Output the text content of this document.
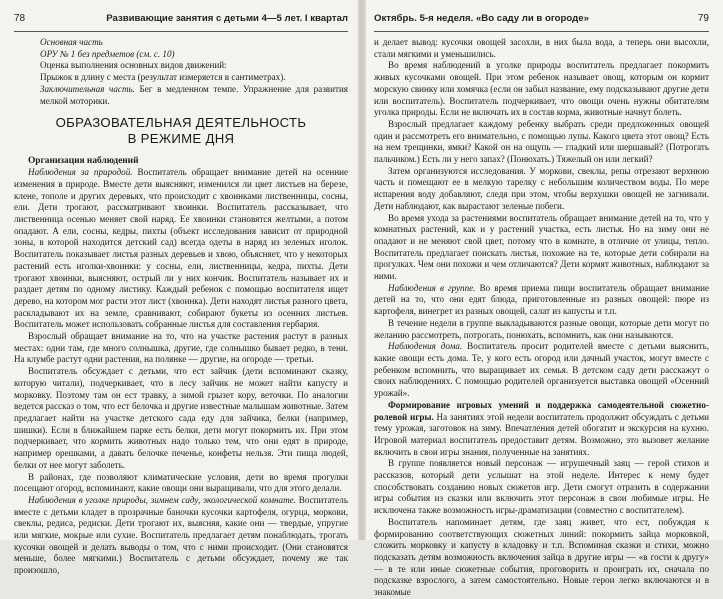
78	Развивающие занятия с детьми 4—5 лет. I квартал

Основная часть

ОРУ № 1 без предметов (см. с. 10)

Оценка выполнения основных видов движений:

Прыжок в длину с места (результат измеряется в сантиметрах).

Заключительная часть. Бег в медленном темпе. Упражнение для развития мелкой моторики.

ОБРАЗОВАТЕЛЬНАЯ ДЕЯТЕЛЬНОСТЬ
В РЕЖИМЕ ДНЯ
Организация наблюдений

Наблюдения за природой. Воспитатель обращает внимание детей на осенние изменения в природе. Вместе дети выясняют, изменился ли цвет листьев на березе, клене, тополе и других деревьях, что происходит с хвоинками лиственницы, сосны, ели. Дети трогают, рассматривают хвоинки. Воспитатель рассказывает, что лиственница осенью меняет свой наряд. Ее хвоинки становятся желтыми, а потом опадают. А ели, сосны, кедры, пихты (объект исследования зависит от природной зоны, в которой находится детский сад) всегда одеты в наряд из зеленых иголок. Воспитатель показывает листья разных деревьев и хвою, объясняет, что у некоторых растений есть иголки-хвоинки: у сосны, ели, лиственницы, кедра, пихты. Дети трогают хвоинки, выясняют, острый ли у них кончик. Воспитатель называет их и раздает детям по одному листику. Каждый ребенок с помощью воспитателя ищет дерево, на котором мог расти этот лист (хвоинка). Дети находят листья разного цвета, раскладывают их на земле, сравнивают, собирают букеты из осенних листьев. Воспитатель может использовать собранные листья для составления гербария.

Взрослый обращает внимание на то, что на участке растения растут в разных местах: одни там, где много солнышка, другие, где солнышко бывает редко, в тени. На клумбе растут одни растения, на полянке — другие, на огороде — третьи.

Воспитатель обсуждает с детьми, что ест зайчик (дети вспоминают сказку, которую читали), подчеркивает, что в лесу зайчик не может найти капусту и морковку. Поэтому там он ест травку, а зимой грызет кору, веточки. По аналогии ведется рассказ о том, что ест белочка и другие известные малышам животные. Затем предлагает найти на участке детского сада еду для зайчика, белки (например, шишки). Если в ближайшем парке есть белки, дети могут покормить их. При этом подчеркивает, что кормить животных надо только тем, что они едят в природе, например орешками, а давать белочке печенье, конфеты нельзя. Эти пища людей, белки от нее могут заболеть.

В районах, где позволяют климатические условия, дети во время прогулки посещают огород, вспоминают, какие овощи они выращивали, что для этого делали.

Наблюдения в уголке природы, зимнем саду, экологической комнате. Воспитатель вместе с детьми кладет в прозрачные баночки кусочки картофеля, огурца, моркови, свеклы, редиса, редиски. Дети трогают их, выясняя, какие они — твердые, упругие или мягкие, мокрые или сухие. Воспитатель предлагает детям понаблюдать, трогать кусочки овощей и делать выводы о том, что с ними происходит. (Они становятся меньше, более мягкими.) Воспитатель с детьми обсуждает, почему же так произошло,

Октябрь. 5-я неделя. «Во саду ли в огороде»	79

и делает вывод: кусочки овощей засохли, в них была вода, а теперь они высохли, стали мягкими и уменьшились.

Во время наблюдений в уголке природы воспитатель предлагает покормить живых кусочками овощей. При этом ребенок называет овощ, которым он кормит морскую свинку или хомячка (если он забыл название, ему подсказывают другие дети или воспитатель). Воспитатель подчеркивает, что овощи очень нужны обитателям уголка природы. Если не включать их в состав корма, животные начнут болеть.

Взрослый предлагает каждому ребенку выбрать среди предложенных овощей один и рассмотреть его внимательно, с помощью лупы. Какого цвета этот овощ? Есть на нем трещинки, ямки? Какой он на ощупь — гладкий или шершавый? (Потрогать пальчиком.) Есть ли у него запах? (Понюхать.) Тяжелый он или легкий?

Затем организуются исследования. У моркови, свеклы, репы отрезают верхнюю часть и помещают ее в мелкую тарелку с небольшим количеством воды. По мере испарения воду добавляют, следя при этом, чтобы верхушки овощей не загнивали. Дети наблюдают, как вырастают зеленые побеги.

Во время ухода за растениями воспитатель обращает внимание детей на то, что у комнатных растений, как и у растений участка, есть листья. Но на зиму они не опадают и не меняют свой цвет, потому что в комнате, в отличие от улицы, тепло. Воспитатель предлагает поискать листья, похожие на те, которые дети собирали на прогулках. Чем они похожи и чем отличаются? Дети кормят животных, наблюдают за ними.

Наблюдения в группе. Во время приема пищи воспитатель обращает внимание детей на то, что они едят блюда, приготовленные из разных овощей: пюре из картофеля, винегрет из разных овощей, салат из капусты и т.п.

В течение недели в группе выкладываются разные овощи, которые дети могут по желанию рассмотреть, потрогать, понюхать, вспомнить, как они называются.

Наблюдения дома. Воспитатель просит родителей вместе с детьми выяснить, какие овощи есть дома. Те, у кого есть огород или дачный участок, могут вместе с ребенком вспомнить, что выращивает их семья. В детском саду дети расскажут о своих наблюдениях. С помощью родителей организуется выставка овощей «Осенний урожай».

Формирование игровых умений и поддержка самодеятельной сюжетно-ролевой игры. На занятиях этой недели воспитатель продолжит обсуждать с детьми тему урожая, заготовок на зиму. Впечатления детей обогатит и экскурсия на кухню. Игровой материал воспитатель предоставит детям. Возможно, это вызовет желание включить в свои игры знания, полученные на занятиях.

В группе появляется новый персонаж — игрушечный заяц — герой стихов и рассказов, который дети услышат на этой неделе. Интерес к нему будет способствовать созданию новых сюжетов игр. Дети смогут отразить в содержании игры события из сказки или включить этот персонаж в свои любимые игры. Не исключена также возможность игры-драматизации (совместно с воспитателем).

Воспитатель напоминает детям, где заяц живет, что ест, побуждая к формированию соответствующих сюжетных линий: покормить зайца морковкой, сложить морковку и капусту в кладовку и т.п. Вспоминая сказки и стихи, можно подсказать детям возможность включения зайца в другие игры — «в гости к другу» — в те или иные сюжетные события, проговорить и проиграть их, сначала по подсказке взрослого, а затем самостоятельно. Новые герои легко включаются и в знакомые
